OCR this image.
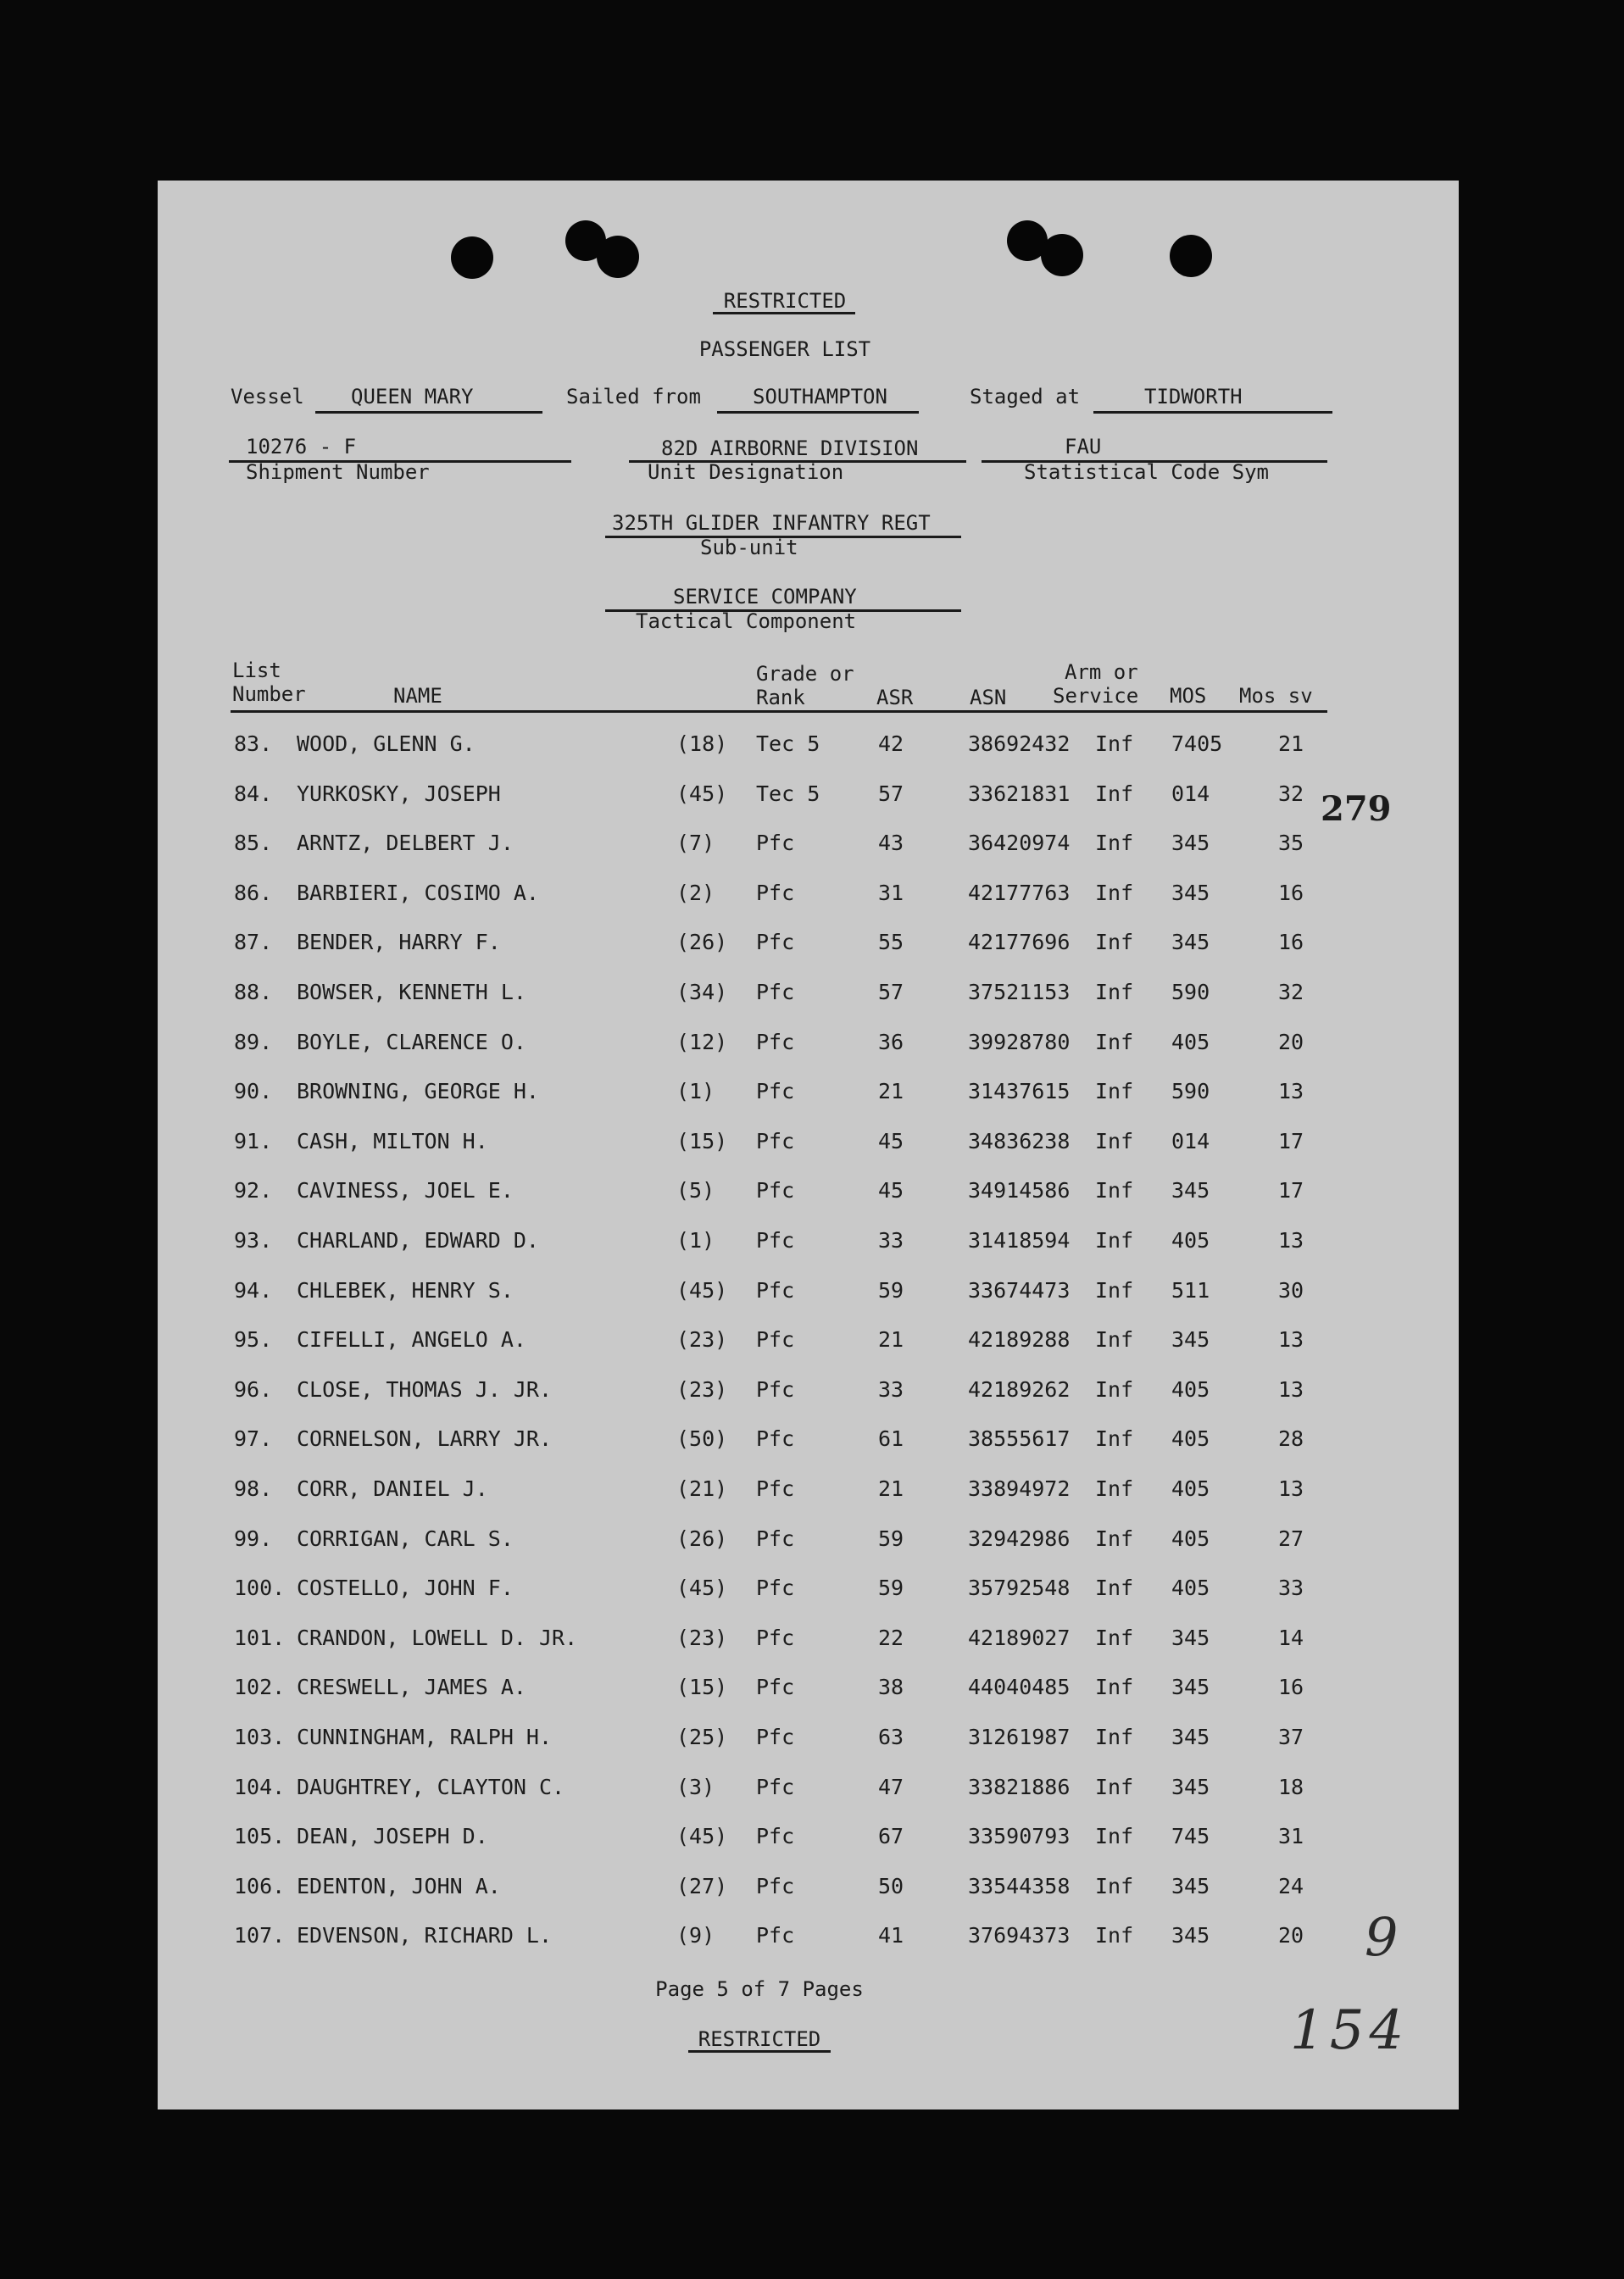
RESTRICTED
PASSENGER LIST
Vessel QUEEN MARY	Sailed from	SOUTHAMPTON	Staged at	TIDWORTH
10276 - F
Shipment Number
82D AIRBORNE DIVISION
Unit Designation
FAU
Statistical Code Sym
325TH GLIDER INFANTRY REGT
Sub-unit
SERVICE COMPANY
Tactical Component
List
Number	NAME
Grade or
Rank	ASR	ASN
Arm or
Service MOS Mos sv
83. WOOD, GLENN G.	(18) Tec 5	42	38692432 Inf 7405	21
84. YURKOSKY, JOSEPH	(45) Tec 5	57	33621831 Inf 014	32
85. ARNTZ, DELBERT J.	(7) Pfc	43	36420974 Inf 345	35
86. BARBIERI, COSIMO A.	(2) Pfc	31	42177763 Inf 345	16
87. BENDER, HARRY F.	(26) Pfc	55	42177696 Inf 345	16
88. BOWSER, KENNETH L.	(34) Pfc	57	37521153 Inf 590	32
89. BOYLE, CLARENCE O.	(12) Pfc	36	39928780 Inf 405	20
90. BROWNING, GEORGE H.	(1) Pfc	21	31437615 Inf 590	13
91. CASH, MILTON H.	(15) Pfc	45	34836238 Inf 014	17
92. CAVINESS, JOEL E.	(5) Pfc	45	34914586 Inf 345	17
93. CHARLAND, EDWARD D.	(1) Pfc	33	31418594 Inf 405	13
94. CHLEBEK, HENRY S.	(45) Pfc	59	33674473 Inf 511	30
95. CIFELLI, ANGELO A.	(23) Pfc	21	42189288 Inf 345	13
96. CLOSE, THOMAS J. JR.	(23) Pfc	33	42189262 Inf 405	13
97. CORNELSON, LARRY JR.	(50) Pfc	61	38555617 Inf 405	28
98. CORR, DANIEL J.	(21) Pfc	21	33894972 Inf 405	13
99. CORRIGAN, CARL S.	(26) Pfc	59	32942986 Inf 405	27
100. COSTELLO, JOHN F.	(45) Pfc	59	35792548 Inf 405	33
101. CRANDON, LOWELL D. JR.	(23) Pfc	22	42189027 Inf 345	14
102. CRESWELL, JAMES A.	(15) Pfc	38	44040485 Inf 345	16
103. CUNNINGHAM, RALPH H.	(25) Pfc	63	31261987 Inf 345	37
104. DAUGHTREY, CLAYTON C.	(3) Pfc	47	33821886 Inf 345	18
105. DEAN, JOSEPH D.	(45) Pfc	67	33590793 Inf 745	31
106. EDENTON, JOHN A.	(27) Pfc	50	33544358 Inf 345	24
107. EDVENSON, RICHARD L.	(9) Pfc	41	37694373 Inf 345	20
Page 5 of 7 Pages
RESTRICTED
279
9
154
